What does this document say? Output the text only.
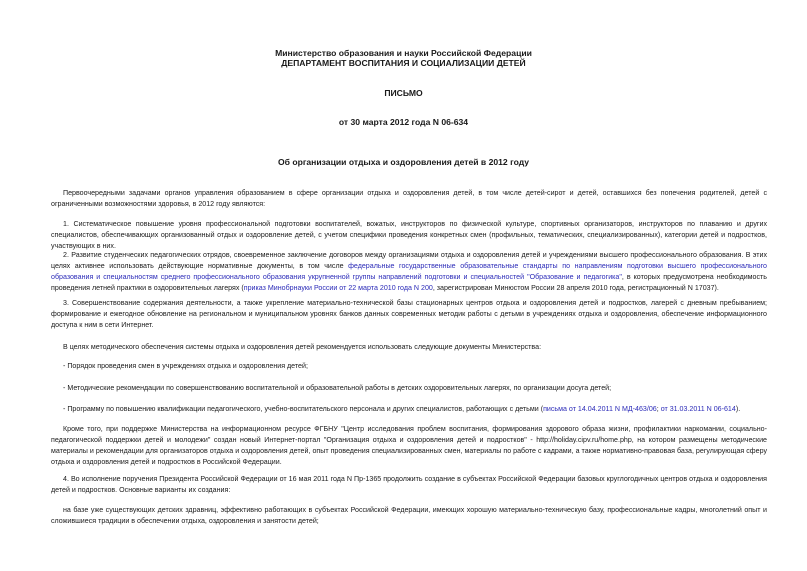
Министерство образования и науки Российской Федерации
ДЕПАРТАМЕНТ ВОСПИТАНИЯ И СОЦИАЛИЗАЦИИ ДЕТЕЙ
ПИСЬМО
от 30 марта 2012 года N 06-634
Об организации отдыха и оздоровления детей в 2012 году

Первоочередными задачами органов управления образованием в сфере организации отдыха и оздоровления детей, в том числе детей-сирот и детей, оставшихся без попечения родителей, детей с ограниченными возможностями здоровья, в 2012 году являются:

1. Систематическое повышение уровня профессиональной подготовки воспитателей, вожатых, инструкторов по физической культуре, спортивных организаторов, инструкторов по плаванию и других специалистов, обеспечивающих организованный отдых и оздоровление детей, с учетом специфики проведения конкретных смен (профильных, тематических, специализированных), категории детей и подростков, участвующих в них.

2. Развитие студенческих педагогических отрядов, своевременное заключение договоров между организациями отдыха и оздоровления детей и учреждениями высшего профессионального образования. В этих целях активнее использовать действующие нормативные документы, в том числе федеральные государственные образовательные стандарты по направлениям подготовки высшего профессионального образования и специальностям среднего профессионального образования укрупненной группы направлений подготовки и специальностей "Образование и педагогика", в которых предусмотрена необходимость проведения летней практики в оздоровительных лагерях (приказ Минобрнауки России от 22 марта 2010 года N 200, зарегистрирован Минюстом России 28 апреля 2010 года, регистрационный N 17037).

3. Совершенствование содержания деятельности, а также укрепление материально-технической базы стационарных центров отдыха и оздоровления детей и подростков, лагерей с дневным пребыванием; формирование и ежегодное обновление на региональном и муниципальном уровнях банков данных современных методик работы с детьми в учреждениях отдыха и оздоровления, обеспечение информационного доступа к ним в сети Интернет.

В целях методического обеспечения системы отдыха и оздоровления детей рекомендуется использовать следующие документы Министерства:

- Порядок проведения смен в учреждениях отдыха и оздоровления детей;

- Методические рекомендации по совершенствованию воспитательной и образовательной работы в детских оздоровительных лагерях, по организации досуга детей;

- Программу по повышению квалификации педагогического, учебно-воспитательского персонала и других специалистов, работающих с детьми (письма от 14.04.2011 N МД-463/06; от 31.03.2011 N 06-614).

Кроме того, при поддержке Министерства на информационном ресурсе ФГБНУ "Центр исследования проблем воспитания, формирования здорового образа жизни, профилактики наркомании, социально-педагогической поддержки детей и молодежи" создан новый Интернет-портал "Организация отдыха и оздоровления детей и подростков" - http://holiday.cipv.ru/home.php, на котором размещены методические материалы и рекомендации для организаторов отдыха и оздоровления детей, опыт проведения специализированных смен, материалы по работе с кадрами, а также нормативно-правовая база, регулирующая сферу отдыха и оздоровления детей и подростков в Российской Федерации.

4. Во исполнение поручения Президента Российской Федерации от 16 мая 2011 года N Пр-1365 продолжить создание в субъектах Российской Федерации базовых круглогодичных центров отдыха и оздоровления детей и подростков. Основные варианты их создания:

на базе уже существующих детских здравниц, эффективно работающих в субъектах Российской Федерации, имеющих хорошую материально-техническую базу, профессиональные кадры, многолетний опыт и сложившиеся традиции в обеспечении отдыха, оздоровления и занятости детей;
